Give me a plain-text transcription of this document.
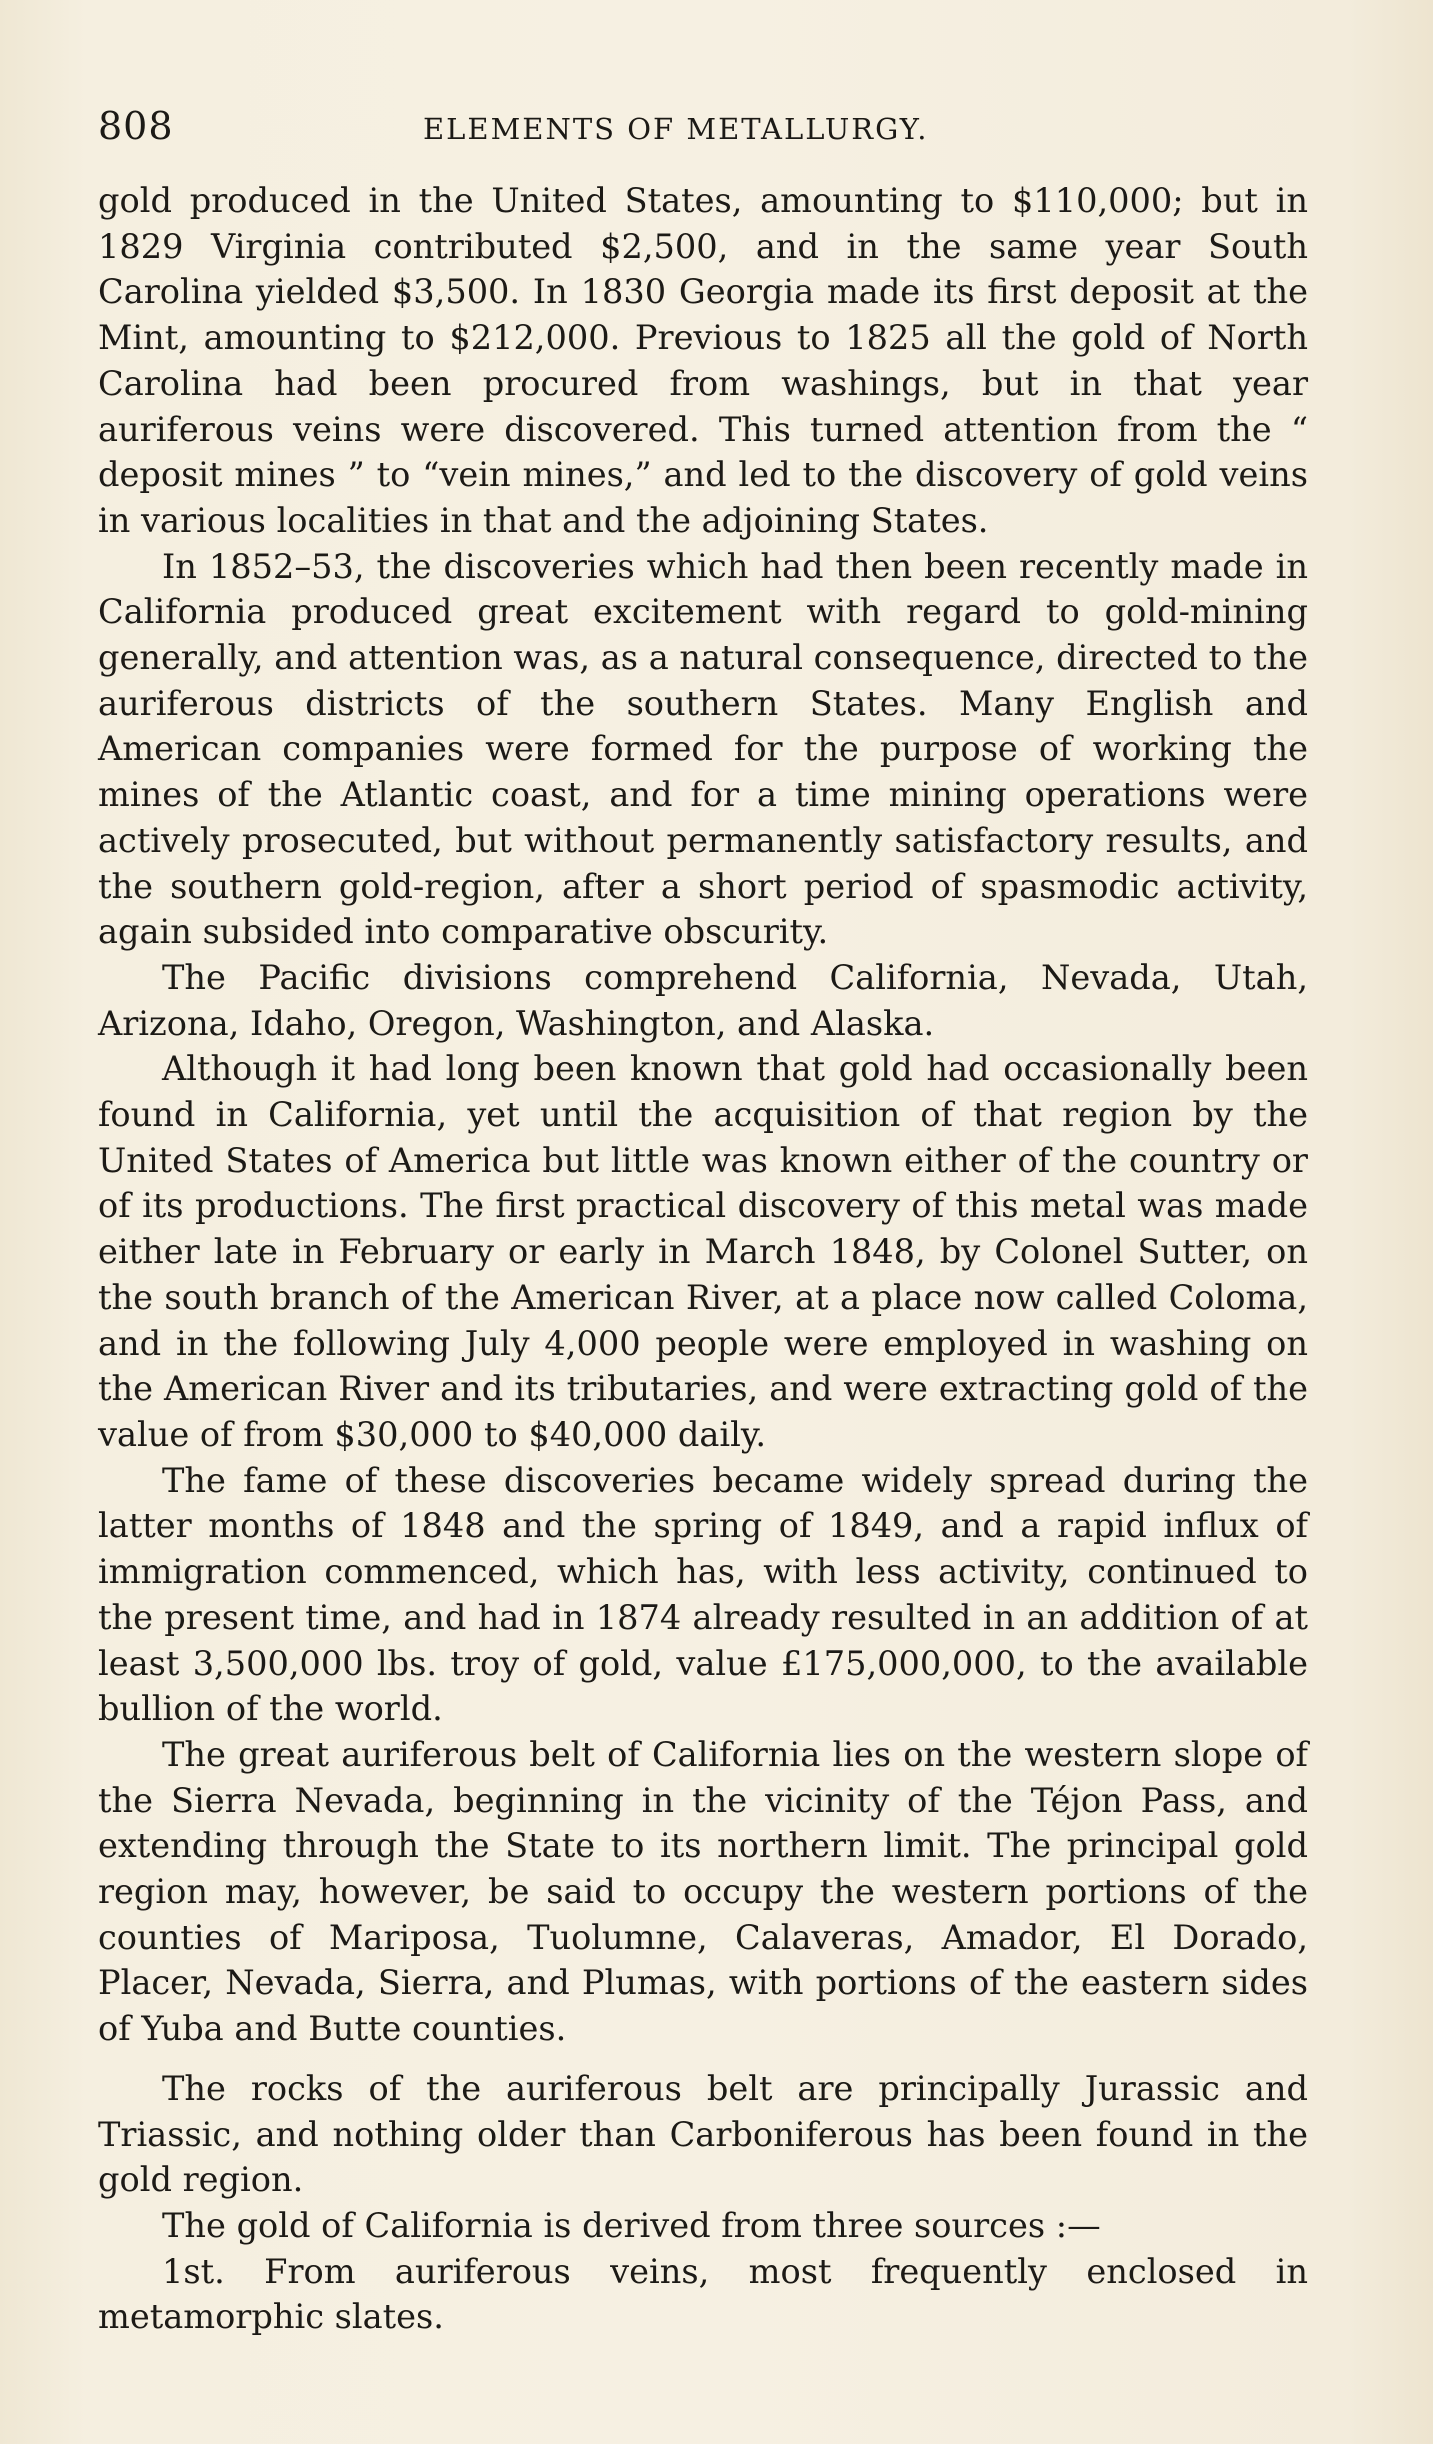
808	ELEMENTS OF METALLURGY.

gold produced in the United States, amounting to $110,000; but in 1829 Virginia contributed $2,500, and in the same year South Carolina yielded $3,500. In 1830 Georgia made its first deposit at the Mint, amounting to $212,000. Previous to 1825 all the gold of North Carolina had been procured from washings, but in that year auriferous veins were discovered. This turned attention from the “ deposit mines ” to “vein mines,” and led to the discovery of gold veins in various localities in that and the adjoining States.

In 1852–53, the discoveries which had then been recently made in California produced great excitement with regard to gold-mining generally, and attention was, as a natural consequence, directed to the auriferous districts of the southern States. Many English and American companies were formed for the purpose of working the mines of the Atlantic coast, and for a time mining operations were actively prosecuted, but without permanently satisfactory results, and the southern gold-region, after a short period of spasmodic activity, again subsided into comparative obscurity.

The Pacific divisions comprehend California, Nevada, Utah, Arizona, Idaho, Oregon, Washington, and Alaska.

Although it had long been known that gold had occasionally been found in California, yet until the acquisition of that region by the United States of America but little was known either of the country or of its productions. The first practical discovery of this metal was made either late in February or early in March 1848, by Colonel Sutter, on the south branch of the American River, at a place now called Coloma, and in the following July 4,000 people were employed in washing on the American River and its tributaries, and were extracting gold of the value of from $30,000 to $40,000 daily.

The fame of these discoveries became widely spread during the latter months of 1848 and the spring of 1849, and a rapid influx of immigration commenced, which has, with less activity, continued to the present time, and had in 1874 already resulted in an addition of at least 3,500,000 lbs. troy of gold, value £175,000,000, to the available bullion of the world.

The great auriferous belt of California lies on the western slope of the Sierra Nevada, beginning in the vicinity of the Téjon Pass, and extending through the State to its northern limit. The principal gold region may, however, be said to occupy the western portions of the counties of Mariposa, Tuolumne, Calaveras, Amador, El Dorado, Placer, Nevada, Sierra, and Plumas, with portions of the eastern sides of Yuba and Butte counties.

The rocks of the auriferous belt are principally Jurassic and Triassic, and nothing older than Carboniferous has been found in the gold region.

The gold of California is derived from three sources :—

1st. From auriferous veins, most frequently enclosed in metamorphic slates.
